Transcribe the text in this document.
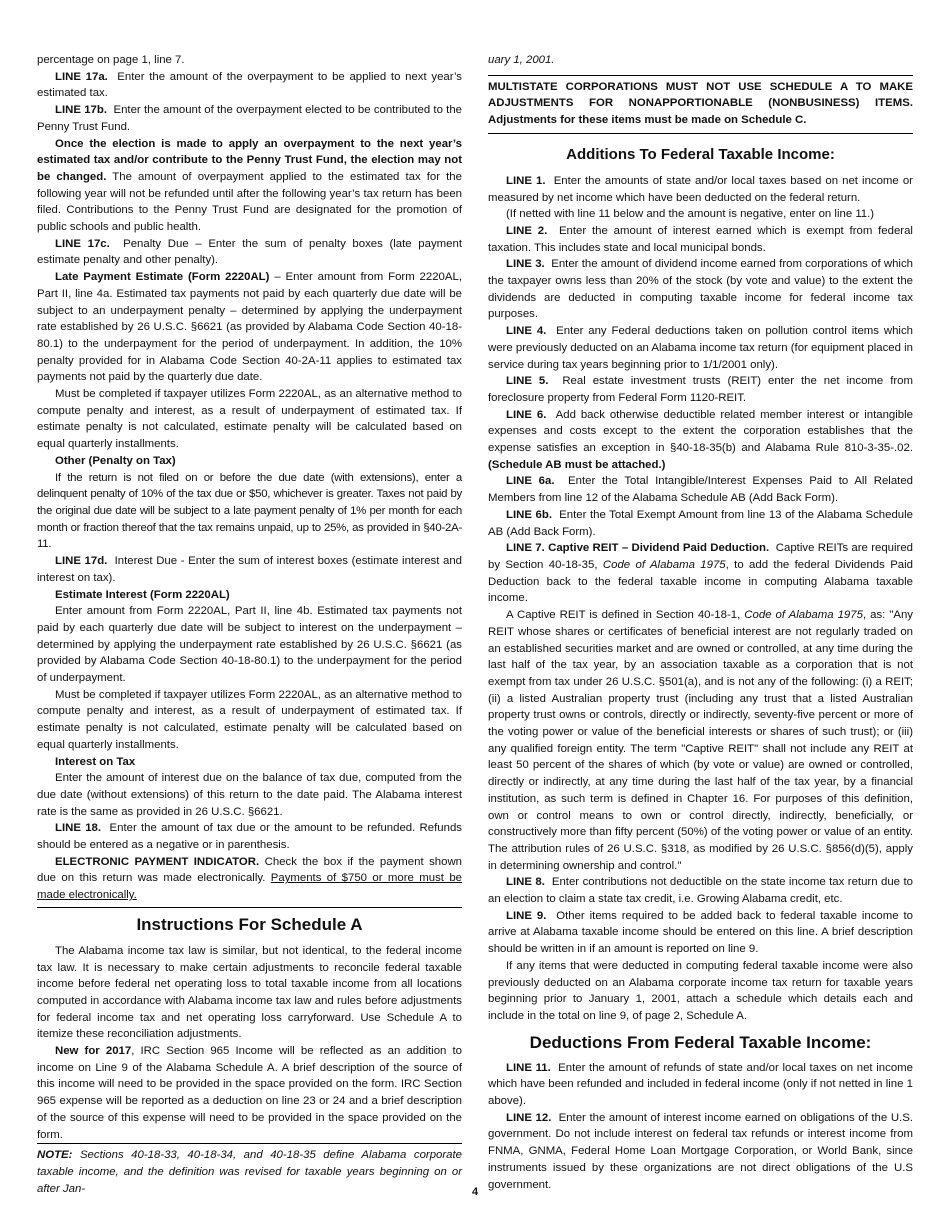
percentage on page 1, line 7.

LINE 17a. Enter the amount of the overpayment to be applied to next year’s estimated tax.

LINE 17b. Enter the amount of the overpayment elected to be contributed to the Penny Trust Fund.

Once the election is made to apply an overpayment to the next year’s estimated tax and/or contribute to the Penny Trust Fund, the election may not be changed. The amount of overpayment applied to the estimated tax for the following year will not be refunded until after the following year’s tax return has been filed. Contributions to the Penny Trust Fund are designated for the promotion of public schools and public health.

LINE 17c. Penalty Due – Enter the sum of penalty boxes (late payment estimate penalty and other penalty).

Late Payment Estimate (Form 2220AL) – Enter amount from Form 2220AL, Part II, line 4a. Estimated tax payments not paid by each quarterly due date will be subject to an underpayment penalty – determined by applying the underpayment rate established by 26 U.S.C. §6621 (as provided by Alabama Code Section 40-18-80.1) to the underpayment for the period of underpayment. In addition, the 10% penalty provided for in Alabama Code Section 40-2A-11 applies to estimated tax payments not paid by the quarterly due date.

Must be completed if taxpayer utilizes Form 2220AL, as an alternative method to compute penalty and interest, as a result of underpayment of estimated tax. If estimate penalty is not calculated, estimate penalty will be calculated based on equal quarterly installments.

Other (Penalty on Tax)

If the return is not filed on or before the due date (with extensions), enter a delinquent penalty of 10% of the tax due or $50, whichever is greater. Taxes not paid by the original due date will be subject to a late payment penalty of 1% per month for each month or fraction thereof that the tax remains unpaid, up to 25%, as provided in §40-2A-11.

LINE 17d. Interest Due - Enter the sum of interest boxes (estimate interest and interest on tax).

Estimate Interest (Form 2220AL)

Enter amount from Form 2220AL, Part II, line 4b. Estimated tax payments not paid by each quarterly due date will be subject to interest on the underpayment – determined by applying the underpayment rate established by 26 U.S.C. §6621 (as provided by Alabama Code Section 40-18-80.1) to the underpayment for the period of underpayment.

Must be completed if taxpayer utilizes Form 2220AL, as an alternative method to compute penalty and interest, as a result of underpayment of estimated tax. If estimate penalty is not calculated, estimate penalty will be calculated based on equal quarterly installments.

Interest on Tax

Enter the amount of interest due on the balance of tax due, computed from the due date (without extensions) of this return to the date paid. The Alabama interest rate is the same as provided in 26 U.S.C. §6621.

LINE 18. Enter the amount of tax due or the amount to be refunded. Refunds should be entered as a negative or in parenthesis.

ELECTRONIC PAYMENT INDICATOR. Check the box if the payment shown due on this return was made electronically. Payments of $750 or more must be made electronically.

Instructions For Schedule A

The Alabama income tax law is similar, but not identical, to the federal income tax law. It is necessary to make certain adjustments to reconcile federal taxable income before federal net operating loss to total taxable income from all locations computed in accordance with Alabama income tax law and rules before adjustments for federal income tax and net operating loss carryforward. Use Schedule A to itemize these reconciliation adjustments.

New for 2017, IRC Section 965 Income will be reflected as an addition to income on Line 9 of the Alabama Schedule A. A brief description of the source of this income will need to be provided in the space provided on the form. IRC Section 965 expense will be reported as a deduction on line 23 or 24 and a brief description of the source of this expense will need to be provided in the space provided on the form.

NOTE: Sections 40-18-33, 40-18-34, and 40-18-35 define Alabama corporate taxable income, and the definition was revised for taxable years beginning on or after Jan-

uary 1, 2001.

MULTISTATE CORPORATIONS MUST NOT USE SCHEDULE A TO MAKE ADJUSTMENTS FOR NONAPPORTIONABLE (NONBUSINESS) ITEMS. Adjustments for these items must be made on Schedule C.

Additions To Federal Taxable Income:

LINE 1. Enter the amounts of state and/or local taxes based on net income or measured by net income which have been deducted on the federal return.

(If netted with line 11 below and the amount is negative, enter on line 11.)

LINE 2. Enter the amount of interest earned which is exempt from federal taxation. This includes state and local municipal bonds.

LINE 3. Enter the amount of dividend income earned from corporations of which the taxpayer owns less than 20% of the stock (by vote and value) to the extent the dividends are deducted in computing taxable income for federal income tax purposes.

LINE 4. Enter any Federal deductions taken on pollution control items which were previously deducted on an Alabama income tax return (for equipment placed in service during tax years beginning prior to 1/1/2001 only).

LINE 5. Real estate investment trusts (REIT) enter the net income from foreclosure property from Federal Form 1120-REIT.

LINE 6. Add back otherwise deductible related member interest or intangible expenses and costs except to the extent the corporation establishes that the expense satisfies an exception in §40-18-35(b) and Alabama Rule 810-3-35-.02. (Schedule AB must be attached.)

LINE 6a. Enter the Total Intangible/Interest Expenses Paid to All Related Members from line 12 of the Alabama Schedule AB (Add Back Form).

LINE 6b. Enter the Total Exempt Amount from line 13 of the Alabama Schedule AB (Add Back Form).

LINE 7. Captive REIT – Dividend Paid Deduction. Captive REITs are required by Section 40-18-35, Code of Alabama 1975, to add the federal Dividends Paid Deduction back to the federal taxable income in computing Alabama taxable income.

A Captive REIT is defined in Section 40-18-1, Code of Alabama 1975, as: "Any REIT whose shares or certificates of beneficial interest are not regularly traded on an established securities market and are owned or controlled, at any time during the last half of the tax year, by an association taxable as a corporation that is not exempt from tax under 26 U.S.C. §501(a), and is not any of the following: (i) a REIT; (ii) a listed Australian property trust (including any trust that a listed Australian property trust owns or controls, directly or indirectly, seventy-five percent or more of the voting power or value of the beneficial interests or shares of such trust); or (iii) any qualified foreign entity. The term "Captive REIT" shall not include any REIT at least 50 percent of the shares of which (by vote or value) are owned or controlled, directly or indirectly, at any time during the last half of the tax year, by a financial institution, as such term is defined in Chapter 16. For purposes of this definition, own or control means to own or control directly, indirectly, beneficially, or constructively more than fifty percent (50%) of the voting power or value of an entity. The attribution rules of 26 U.S.C. §318, as modified by 26 U.S.C. §856(d)(5), apply in determining ownership and control."

LINE 8. Enter contributions not deductible on the state income tax return due to an election to claim a state tax credit, i.e. Growing Alabama credit, etc.

LINE 9. Other items required to be added back to federal taxable income to arrive at Alabama taxable income should be entered on this line. A brief description should be written in if an amount is reported on line 9.

If any items that were deducted in computing federal taxable income were also previously deducted on an Alabama corporate income tax return for taxable years beginning prior to January 1, 2001, attach a schedule which details each and include in the total on line 9, of page 2, Schedule A.

Deductions From Federal Taxable Income:

LINE 11. Enter the amount of refunds of state and/or local taxes on net income which have been refunded and included in federal income (only if not netted in line 1 above).

LINE 12. Enter the amount of interest income earned on obligations of the U.S. government. Do not include interest on federal tax refunds or interest income from FNMA, GNMA, Federal Home Loan Mortgage Corporation, or World Bank, since instruments issued by these organizations are not direct obligations of the U.S government.

4
